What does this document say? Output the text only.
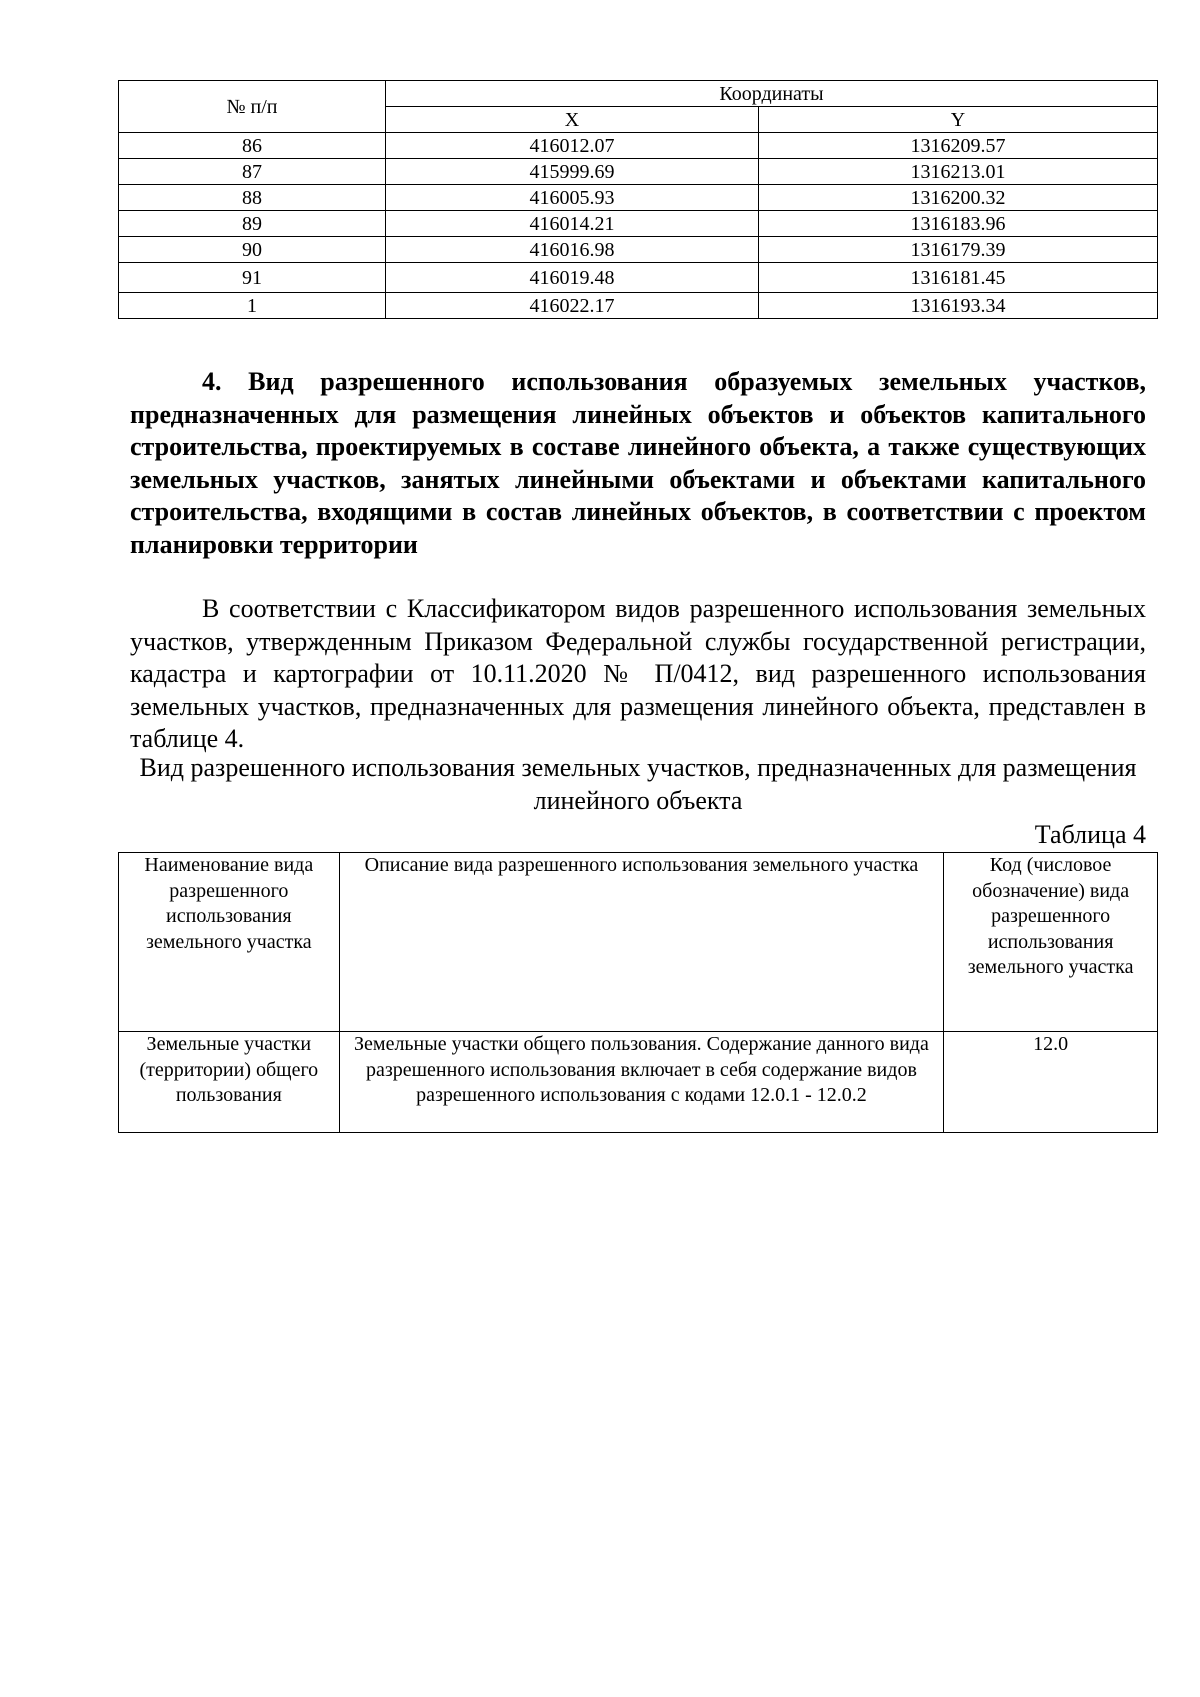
№ п/п	Координаты	
	X	Y
86	416012.07	1316209.57
87	415999.69	1316213.01
88	416005.93	1316200.32
89	416014.21	1316183.96
90	416016.98	1316179.39
91	416019.48	1316181.45
1	416022.17	1316193.34
4. Вид разрешенного использования образуемых земельных участков, предназначенных для размещения линейных объектов и объектов капитального строительства, проектируемых в составе линейного объекта, а также существующих земельных участков, занятых линейными объектами и объектами капитального строительства, входящими в состав линейных объектов, в соответствии с проектом планировки территории
В соответствии с Классификатором видов разрешенного использования земельных участков, утвержденным Приказом Федеральной службы государственной регистрации, кадастра и картографии от 10.11.2020 № П/0412, вид разрешенного использования земельных участков, предназначенных для размещения линейного объекта, представлен в таблице 4.
Вид разрешенного использования земельных участков, предназначенных для размещения линейного объекта
Таблица 4
Наименование вида разрешенного использования земельного участка	Описание вида разрешенного использования земельного участка	Код (числовое обозначение) вида разрешенного использования земельного участка
Земельные участки (территории) общего пользования	Земельные участки общего пользования. Содержание данного вида разрешенного использования включает в себя содержание видов разрешенного использования с кодами 12.0.1 - 12.0.2	12.0
